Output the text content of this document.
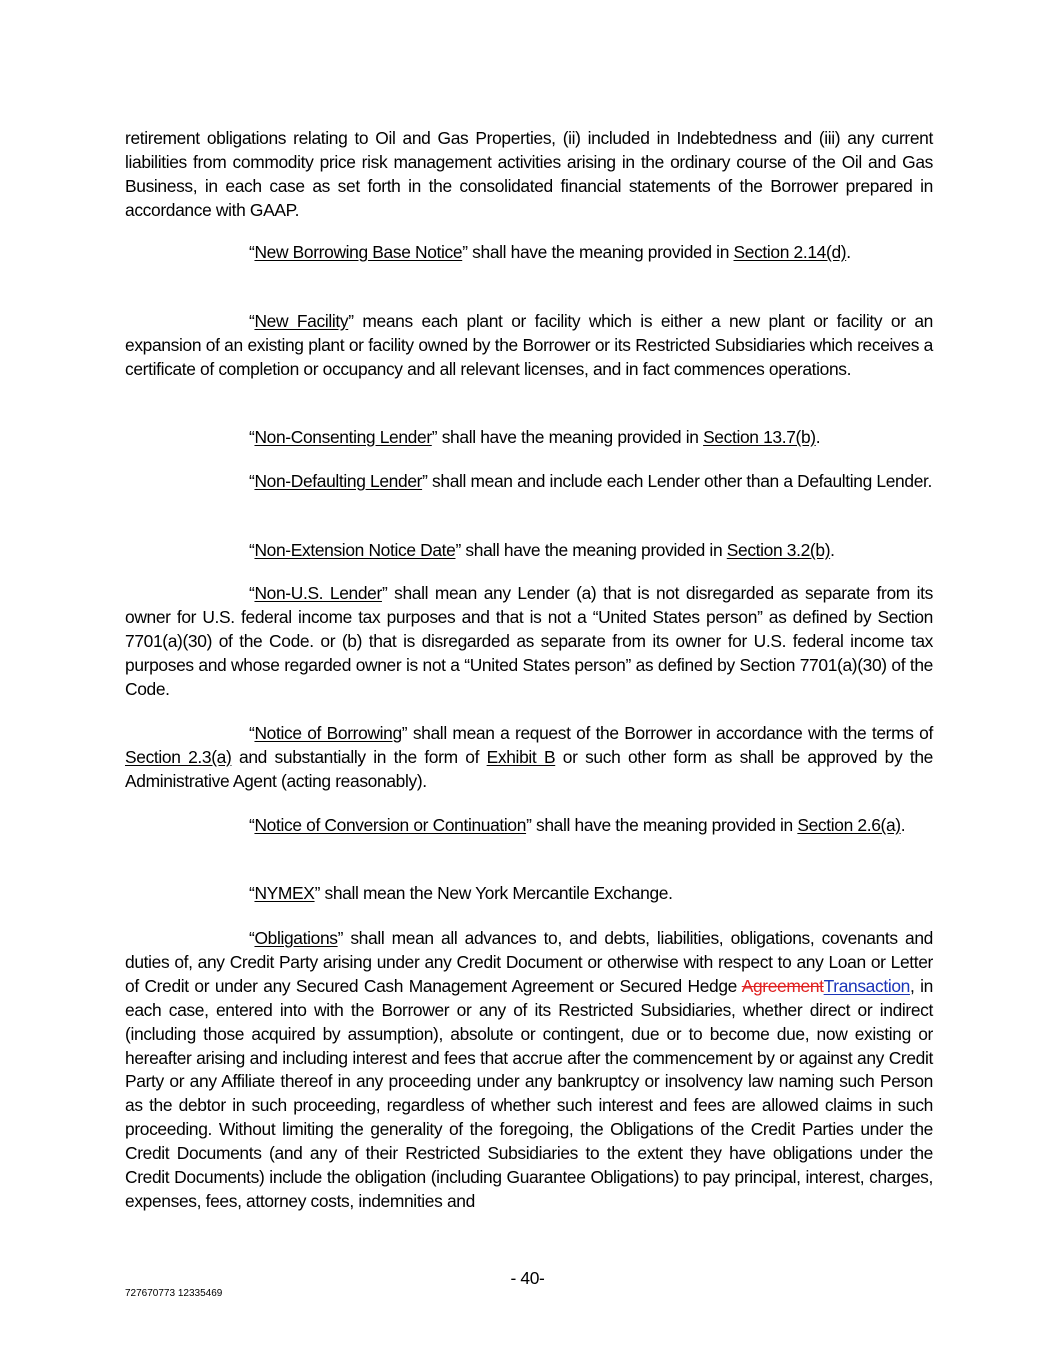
retirement obligations relating to Oil and Gas Properties, (ii) included in Indebtedness and (iii) any current liabilities from commodity price risk management activities arising in the ordinary course of the Oil and Gas Business, in each case as set forth in the consolidated financial statements of the Borrower prepared in accordance with GAAP.

“New Borrowing Base Notice” shall have the meaning provided in Section 2.14(d).

“New Facility” means each plant or facility which is either a new plant or facility or an expansion of an existing plant or facility owned by the Borrower or its Restricted Subsidiaries which receives a certificate of completion or occupancy and all relevant licenses, and in fact commences operations.

“Non-Consenting Lender” shall have the meaning provided in Section 13.7(b).

“Non-Defaulting Lender” shall mean and include each Lender other than a Defaulting Lender.

“Non-Extension Notice Date” shall have the meaning provided in Section 3.2(b).

“Non-U.S. Lender” shall mean any Lender (a) that is not disregarded as separate from its owner for U.S. federal income tax purposes and that is not a “United States person” as defined by Section 7701(a)(30) of the Code. or (b) that is disregarded as separate from its owner for U.S. federal income tax purposes and whose regarded owner is not a “United States person” as defined by Section 7701(a)(30) of the Code.

“Notice of Borrowing” shall mean a request of the Borrower in accordance with the terms of Section 2.3(a) and substantially in the form of Exhibit B or such other form as shall be approved by the Administrative Agent (acting reasonably).

“Notice of Conversion or Continuation” shall have the meaning provided in Section 2.6(a).

“NYMEX” shall mean the New York Mercantile Exchange.

“Obligations” shall mean all advances to, and debts, liabilities, obligations, covenants and duties of, any Credit Party arising under any Credit Document or otherwise with respect to any Loan or Letter of Credit or under any Secured Cash Management Agreement or Secured Hedge AgreementTransaction, in each case, entered into with the Borrower or any of its Restricted Subsidiaries, whether direct or indirect (including those acquired by assumption), absolute or contingent, due or to become due, now existing or hereafter arising and including interest and fees that accrue after the commencement by or against any Credit Party or any Affiliate thereof in any proceeding under any bankruptcy or insolvency law naming such Person as the debtor in such proceeding, regardless of whether such interest and fees are allowed claims in such proceeding. Without limiting the generality of the foregoing, the Obligations of the Credit Parties under the Credit Documents (and any of their Restricted Subsidiaries to the extent they have obligations under the Credit Documents) include the obligation (including Guarantee Obligations) to pay principal, interest, charges, expenses, fees, attorney costs, indemnities and

- 40-

727670773 12335469
